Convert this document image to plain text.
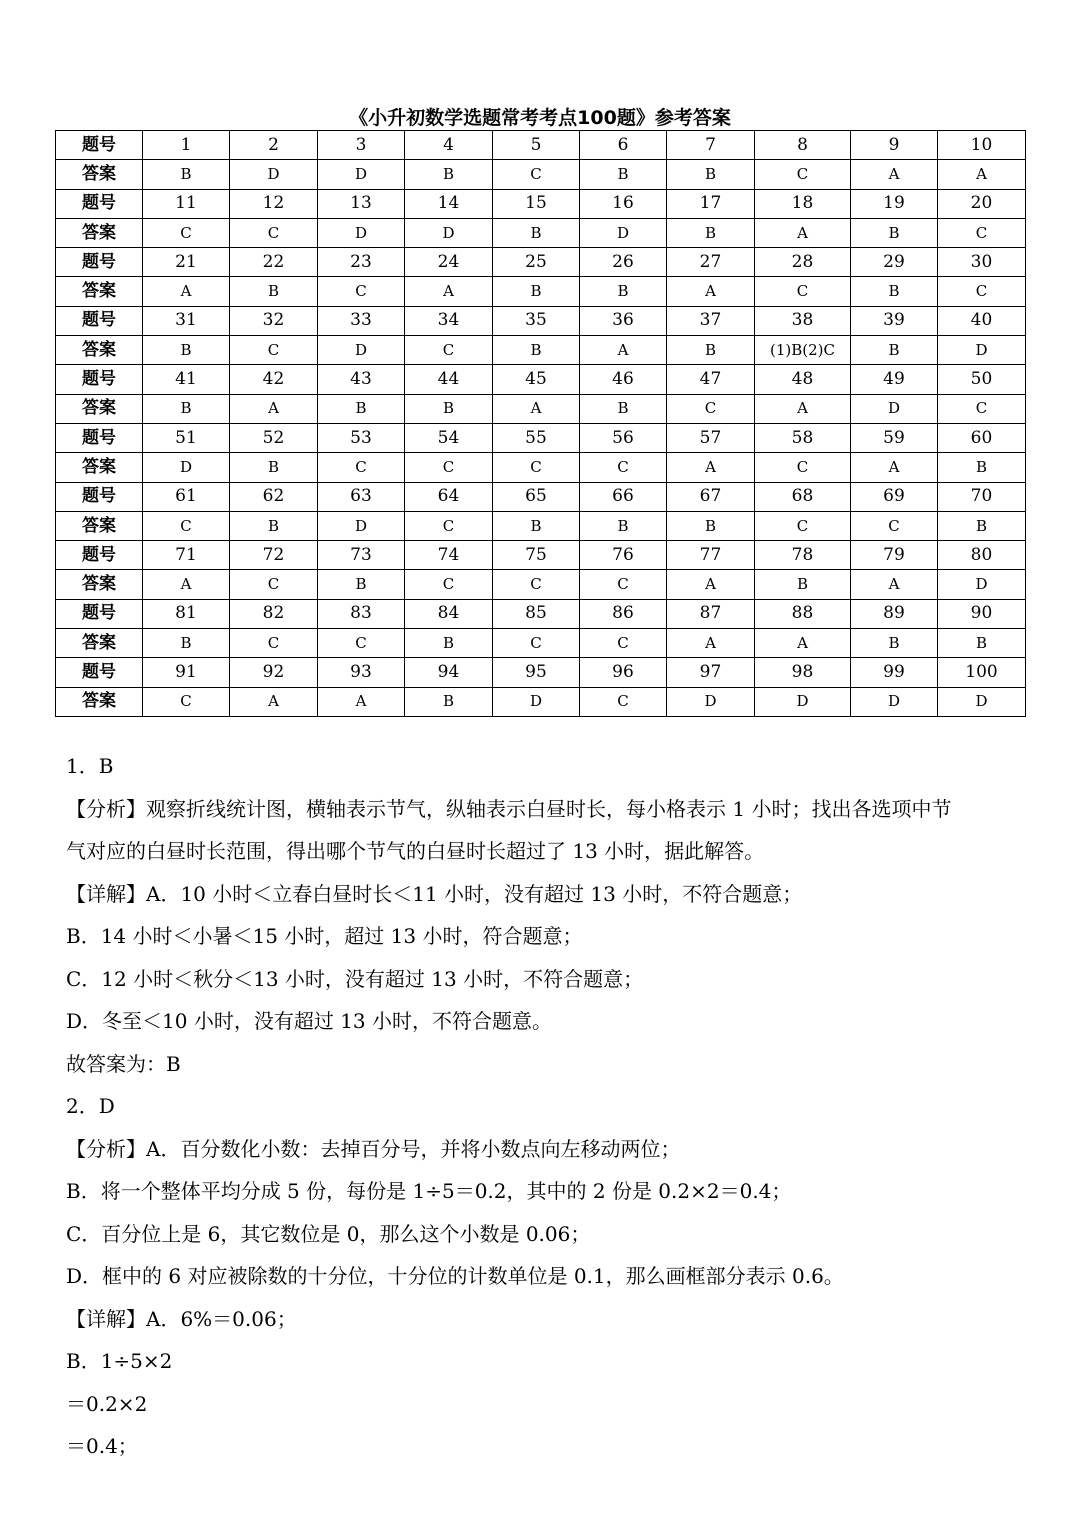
《小升初数学选题常考考点100题》参考答案
题号	1	2	3	4	5	6	7	8	9	10
答案	B	D	D	B	C	B	B	C	A	A
题号	11	12	13	14	15	16	17	18	19	20
答案	C	C	D	D	B	D	B	A	B	C
题号	21	22	23	24	25	26	27	28	29	30
答案	A	B	C	A	B	B	A	C	B	C
题号	31	32	33	34	35	36	37	38	39	40
答案	B	C	D	C	B	A	B	(1)B(2)C	B	D
题号	41	42	43	44	45	46	47	48	49	50
答案	B	A	B	B	A	B	C	A	D	C
题号	51	52	53	54	55	56	57	58	59	60
答案	D	B	C	C	C	C	A	C	A	B
题号	61	62	63	64	65	66	67	68	69	70
答案	C	B	D	C	B	B	B	C	C	B
题号	71	72	73	74	75	76	77	78	79	80
答案	A	C	B	C	C	C	A	B	A	D
题号	81	82	83	84	85	86	87	88	89	90
答案	B	C	C	B	C	C	A	A	B	B
题号	91	92	93	94	95	96	97	98	99	100
答案	C	A	A	B	D	C	D	D	D	D

1．B

【分析】观察折线统计图，横轴表示节气，纵轴表示白昼时长，每小格表示 1 小时；找出各选项中节

气对应的白昼时长范围，得出哪个节气的白昼时长超过了 13 小时，据此解答。

【详解】A．10 小时＜立春白昼时长＜11 小时，没有超过 13 小时，不符合题意；

B．14 小时＜小暑＜15 小时，超过 13 小时，符合题意；

C．12 小时＜秋分＜13 小时，没有超过 13 小时，不符合题意；

D．冬至＜10 小时，没有超过 13 小时，不符合题意。

故答案为：B

2．D

【分析】A．百分数化小数：去掉百分号，并将小数点向左移动两位；

B．将一个整体平均分成 5 份，每份是 1÷5＝0.2，其中的 2 份是 0.2×2＝0.4；

C．百分位上是 6，其它数位是 0，那么这个小数是 0.06；

D．框中的 6 对应被除数的十分位，十分位的计数单位是 0.1，那么画框部分表示 0.6。

【详解】A．6%＝0.06；

B．1÷5×2

＝0.2×2

＝0.4；
